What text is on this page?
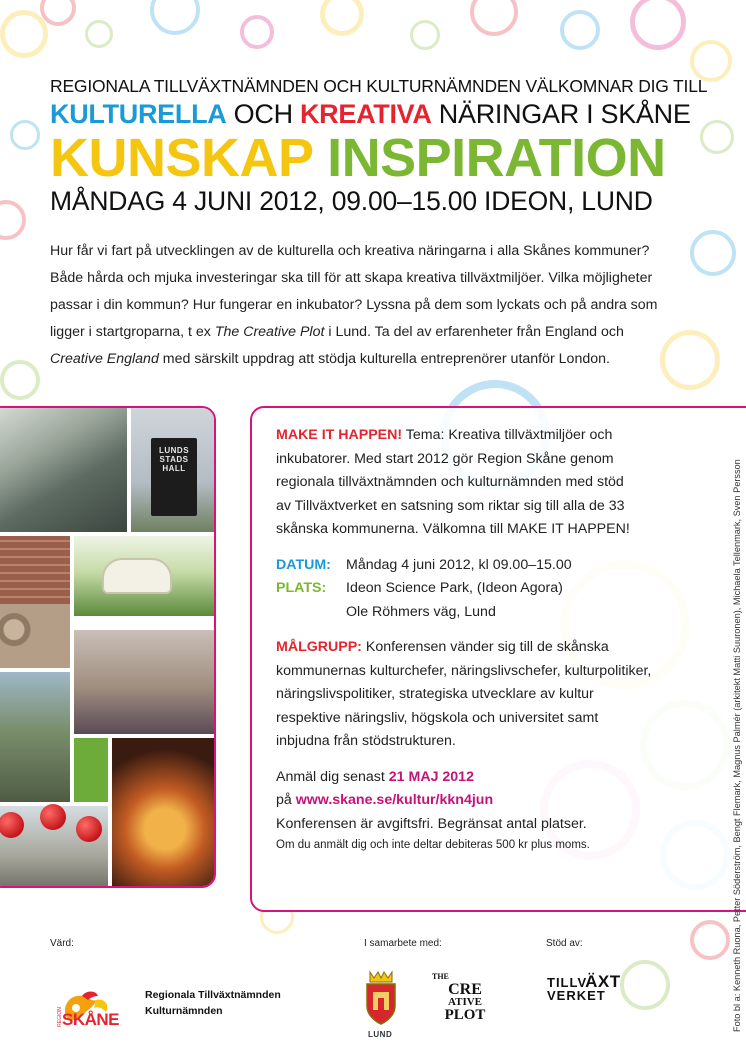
REGIONALA TILLVÄXTNÄMNDEN OCH KULTURNÄMNDEN VÄLKOMNAR DIG TILL
KULTURELLA OCH KREATIVA NÄRINGAR I SKÅNE
KUNSKAP INSPIRATION
MÅNDAG 4 JUNI 2012, 09.00–15.00 IDEON, LUND

Hur får vi fart på utvecklingen av de kulturella och kreativa näringarna i alla Skånes kommuner?

Både hårda och mjuka investeringar ska till för att skapa kreativa tillväxtmiljöer. Vilka möjligheter

passar i din kommun? Hur fungerar en inkubator? Lyssna på dem som lyckats och på andra som

ligger i startgroparna, t ex The Creative Plot i Lund. Ta del av erfarenheter från England och

Creative England med särskilt uppdrag att stödja kulturella entreprenörer utanför London.

LUNDS STADS HALL

MAKE IT HAPPEN! Tema: Kreativa tillväxtmiljöer och

inkubatorer. Med start 2012 gör Region Skåne genom

regionala tillväxtnämnden och kulturnämnden med stöd

av Tillväxtverket en satsning som riktar sig till alla de 33

skånska kommunerna. Välkomna till MAKE IT HAPPEN!

DATUM:	Måndag 4 juni 2012, kl 09.00–15.00
PLATS:	Ideon Science Park, (Ideon Agora)
Ole Röhmers väg, Lund

MÅLGRUPP: Konferensen vänder sig till de skånska

kommunernas kulturchefer, näringslivschefer, kulturpolitiker,

näringslivspolitiker, strategiska utvecklare av kultur

respektive näringsliv, högskola och universitet samt

inbjudna från stödstrukturen.

Anmäl dig senast 21 MAJ 2012

på www.skane.se/kultur/kkn4jun

Konferensen är avgiftsfri. Begränsat antal platser.

Om du anmält dig och inte deltar debiteras 500 kr plus moms.	Foto bl a: Kenneth Ruona, Petter Söderström, Bengt Flemark, Magnus Palmér (arkitekt Matti Suuronen), Michaela Tellenmark, Sven Persson
Värd:	I samarbete med:	Stöd av:
REGION SKÅNE
Regionala Tillväxtnämnden
Kulturnämnden
LUND
THE
CRE
ATIVE
PLOT
TILLVÄXT
VERKET
